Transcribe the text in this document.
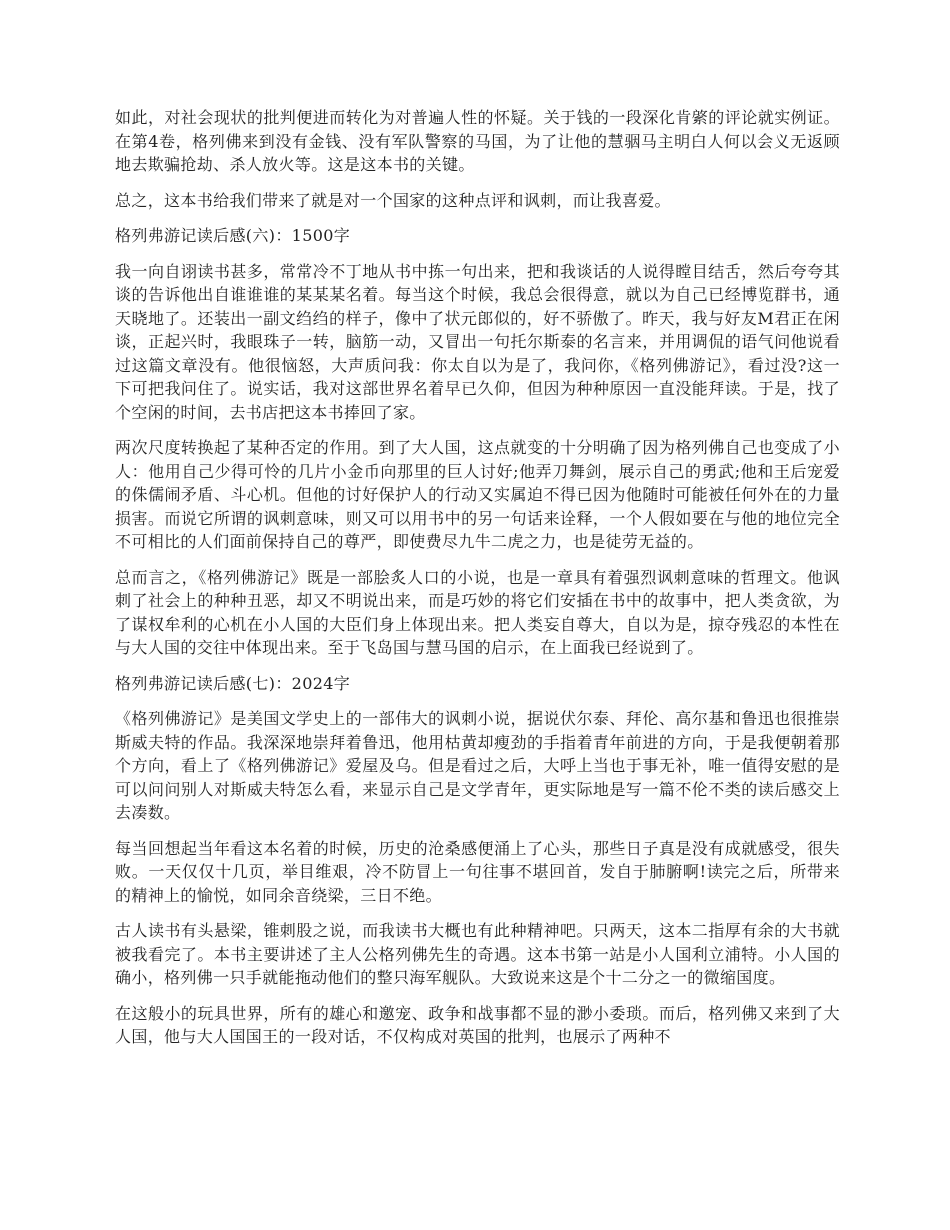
如此，对社会现状的批判便进而转化为对普遍人性的怀疑。关于钱的一段深化肯綮的评论就实例证。在第4卷，格列佛来到没有金钱、没有军队警察的马国，为了让他的慧骃马主明白人何以会义无返顾地去欺骗抢劫、杀人放火等。这是这本书的关键。

总之，这本书给我们带来了就是对一个国家的这种点评和讽刺，而让我喜爱。

格列弗游记读后感(六)：1500字

我一向自诩读书甚多，常常冷不丁地从书中拣一句出来，把和我谈话的人说得瞠目结舌，然后夸夸其谈的告诉他出自谁谁谁的某某某名着。每当这个时候，我总会很得意，就以为自己已经博览群书，通天晓地了。还装出一副文绉绉的样子，像中了状元郎似的，好不骄傲了。昨天，我与好友M君正在闲谈，正起兴时，我眼珠子一转，脑筋一动，又冒出一句托尔斯泰的名言来，并用调侃的语气问他说看过这篇文章没有。他很恼怒，大声质问我：你太自以为是了，我问你，《格列佛游记》，看过没?这一下可把我问住了。说实话，我对这部世界名着早已久仰，但因为种种原因一直没能拜读。于是，找了个空闲的时间，去书店把这本书捧回了家。

两次尺度转换起了某种否定的作用。到了大人国，这点就变的十分明确了因为格列佛自己也变成了小人：他用自己少得可怜的几片小金币向那里的巨人讨好;他弄刀舞剑，展示自己的勇武;他和王后宠爱的侏儒闹矛盾、斗心机。但他的讨好保护人的行动又实属迫不得已因为他随时可能被任何外在的力量损害。而说它所谓的讽刺意味，则又可以用书中的另一句话来诠释，一个人假如要在与他的地位完全不可相比的人们面前保持自己的尊严，即使费尽九牛二虎之力，也是徒劳无益的。

总而言之，《格列佛游记》既是一部脍炙人口的小说，也是一章具有着强烈讽刺意味的哲理文。他讽刺了社会上的种种丑恶，却又不明说出来，而是巧妙的将它们安插在书中的故事中，把人类贪欲，为了谋权牟利的心机在小人国的大臣们身上体现出来。把人类妄自尊大，自以为是，掠夺残忍的本性在与大人国的交往中体现出来。至于飞岛国与慧马国的启示，在上面我已经说到了。

格列弗游记读后感(七)：2024字

《格列佛游记》是美国文学史上的一部伟大的讽刺小说，据说伏尔泰、拜伦、高尔基和鲁迅也很推崇斯威夫特的作品。我深深地崇拜着鲁迅，他用枯黄却瘦劲的手指着青年前进的方向，于是我便朝着那个方向，看上了《格列佛游记》爱屋及乌。但是看过之后，大呼上当也于事无补，唯一值得安慰的是可以问问别人对斯威夫特怎么看，来显示自己是文学青年，更实际地是写一篇不伦不类的读后感交上去凑数。

每当回想起当年看这本名着的时候，历史的沧桑感便涌上了心头，那些日子真是没有成就感受，很失败。一天仅仅十几页，举目维艰，冷不防冒上一句往事不堪回首，发自于肺腑啊!读完之后，所带来的精神上的愉悦，如同余音绕梁，三日不绝。

古人读书有头悬梁，锥刺股之说，而我读书大概也有此种精神吧。只两天，这本二指厚有余的大书就被我看完了。本书主要讲述了主人公格列佛先生的奇遇。这本书第一站是小人国利立浦特。小人国的确小，格列佛一只手就能拖动他们的整只海军舰队。大致说来这是个十二分之一的微缩国度。

在这般小的玩具世界，所有的雄心和邀宠、政争和战事都不显的渺小委琐。而后，格列佛又来到了大人国，他与大人国国王的一段对话，不仅构成对英国的批判，也展示了两种不
